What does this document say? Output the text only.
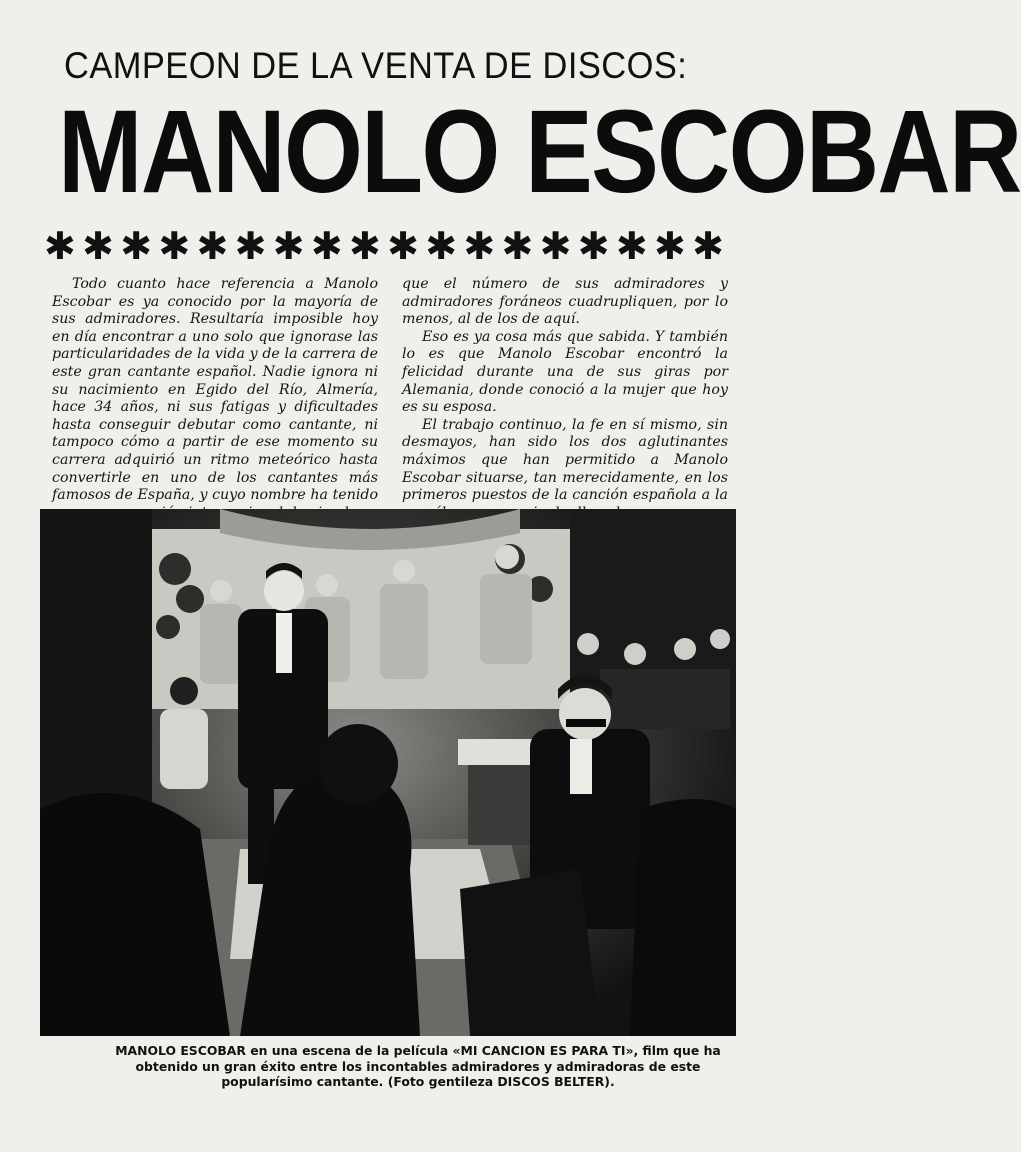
CAMPEON DE LA VENTA DE DISCOS:
MANOLO ESCOBAR
✱ ✱ ✱ ✱ ✱ ✱ ✱ ✱ ✱ ✱ ✱ ✱ ✱ ✱ ✱ ✱ ✱ ✱

Todo cuanto hace referencia a Manolo Escobar es ya conocido por la mayoría de sus admiradores. Resultaría imposible hoy en día encontrar a uno solo que ignorase las particularidades de la vida y de la carrera de este gran cantante español. Nadie ignora ni su nacimiento en Egido del Río, Almería, hace 34 años, ni sus fatigas y dificultades hasta conseguir debutar como cantante, ni tampoco cómo a partir de ese momento su carrera adquirió un ritmo meteórico hasta convertirle en uno de los cantantes más famosos de España, y cuyo nombre ha tenido

que el número de sus admiradores y admiradores foráneos cuadrupliquen, por lo menos, al de los de aquí.

Eso es ya cosa más que sabida. Y también lo es que Manolo Escobar encontró la felicidad durante una de sus giras por Alemania, donde conoció a la mujer que hoy es su esposa.

El trabajo continuo, la fe en sí mismo, sin desmayos, han sido los dos aglutinantes máximos que han permitido a Manolo Escobar situarse, tan merecidamente, en los primeros puestos de la canción española a la

MANOLO ESCOBAR en una escena de la película «MI CANCION ES PARA TI», film que ha obtenido un gran éxito entre los incontables admiradores y admiradoras de este popularísimo cantante. (Foto gentileza DISCOS BELTER).
